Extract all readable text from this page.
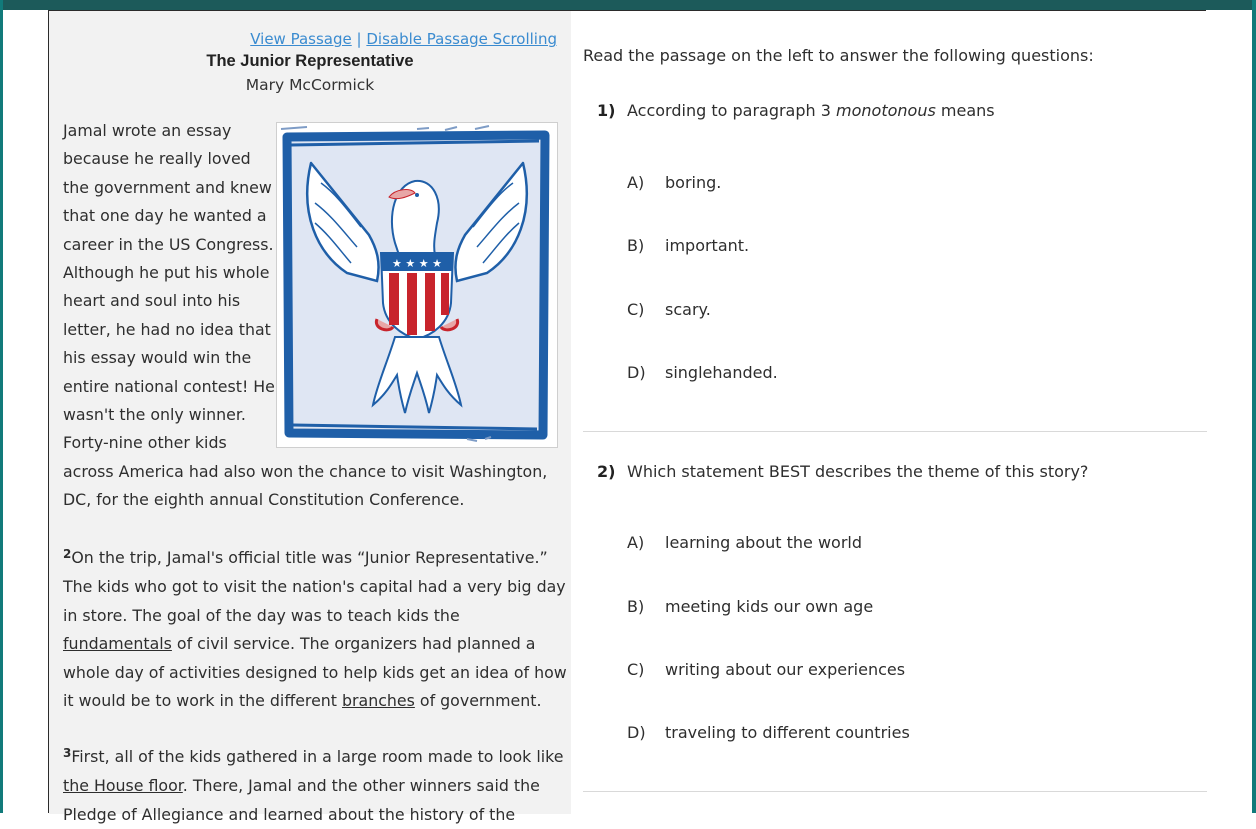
View Passage | Disable Passage Scrolling
The Junior Representative
Mary McCormick
★ ★ ★ ★
Jamal wrote an essay
because he really loved
the government and knew
that one day he wanted a
career in the US Congress.
Although he put his whole
heart and soul into his
letter, he had no idea that
his essay would win the
entire national contest! He
wasn't the only winner.
Forty-nine other kids
across America had also won the chance to visit Washington,
DC, for the eighth annual Constitution Conference.
$^2$On the trip, Jamal's official title was “Junior Representative.”
The kids who got to visit the nation's capital had a very big day
in store. The goal of the day was to teach kids the
fundamentals of civil service. The organizers had planned a
whole day of activities designed to help kids get an idea of how
it would be to work in the different branches of government.
$^3$First, all of the kids gathered in a large room made to look like
the House floor. There, Jamal and the other winners said the
Pledge of Allegiance and learned about the history of the
Read the passage on the left to answer the following questions:
1) According to paragraph 3 monotonous means
A) boring.
B) important.
C) scary.
D) singlehanded.
2) Which statement BEST describes the theme of this story?
A) learning about the world
B) meeting kids our own age
C) writing about our experiences
D) traveling to different countries
